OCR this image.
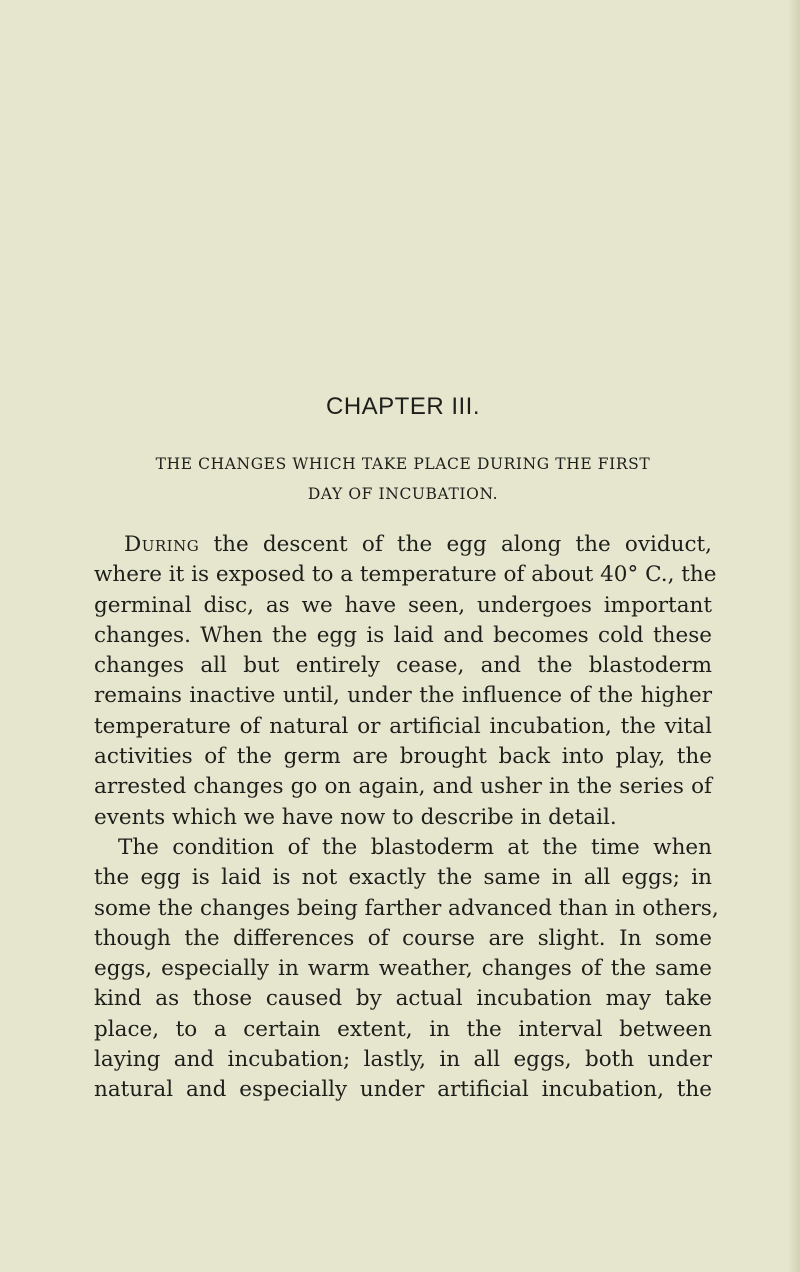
CHAPTER III.
THE CHANGES WHICH TAKE PLACE DURING THE FIRST
DAY OF INCUBATION.
During the descent of the egg along the oviduct,
where it is exposed to a temperature of about 40° C., the
germinal disc, as we have seen, undergoes important
changes. When the egg is laid and becomes cold these
changes all but entirely cease, and the blastoderm
remains inactive until, under the influence of the higher
temperature of natural or artificial incubation, the vital
activities of the germ are brought back into play, the
arrested changes go on again, and usher in the series of
events which we have now to describe in detail.
The condition of the blastoderm at the time when
the egg is laid is not exactly the same in all eggs; in
some the changes being farther advanced than in others,
though the differences of course are slight. In some
eggs, especially in warm weather, changes of the same
kind as those caused by actual incubation may take
place, to a certain extent, in the interval between
laying and incubation; lastly, in all eggs, both under
natural and especially under artificial incubation, the
